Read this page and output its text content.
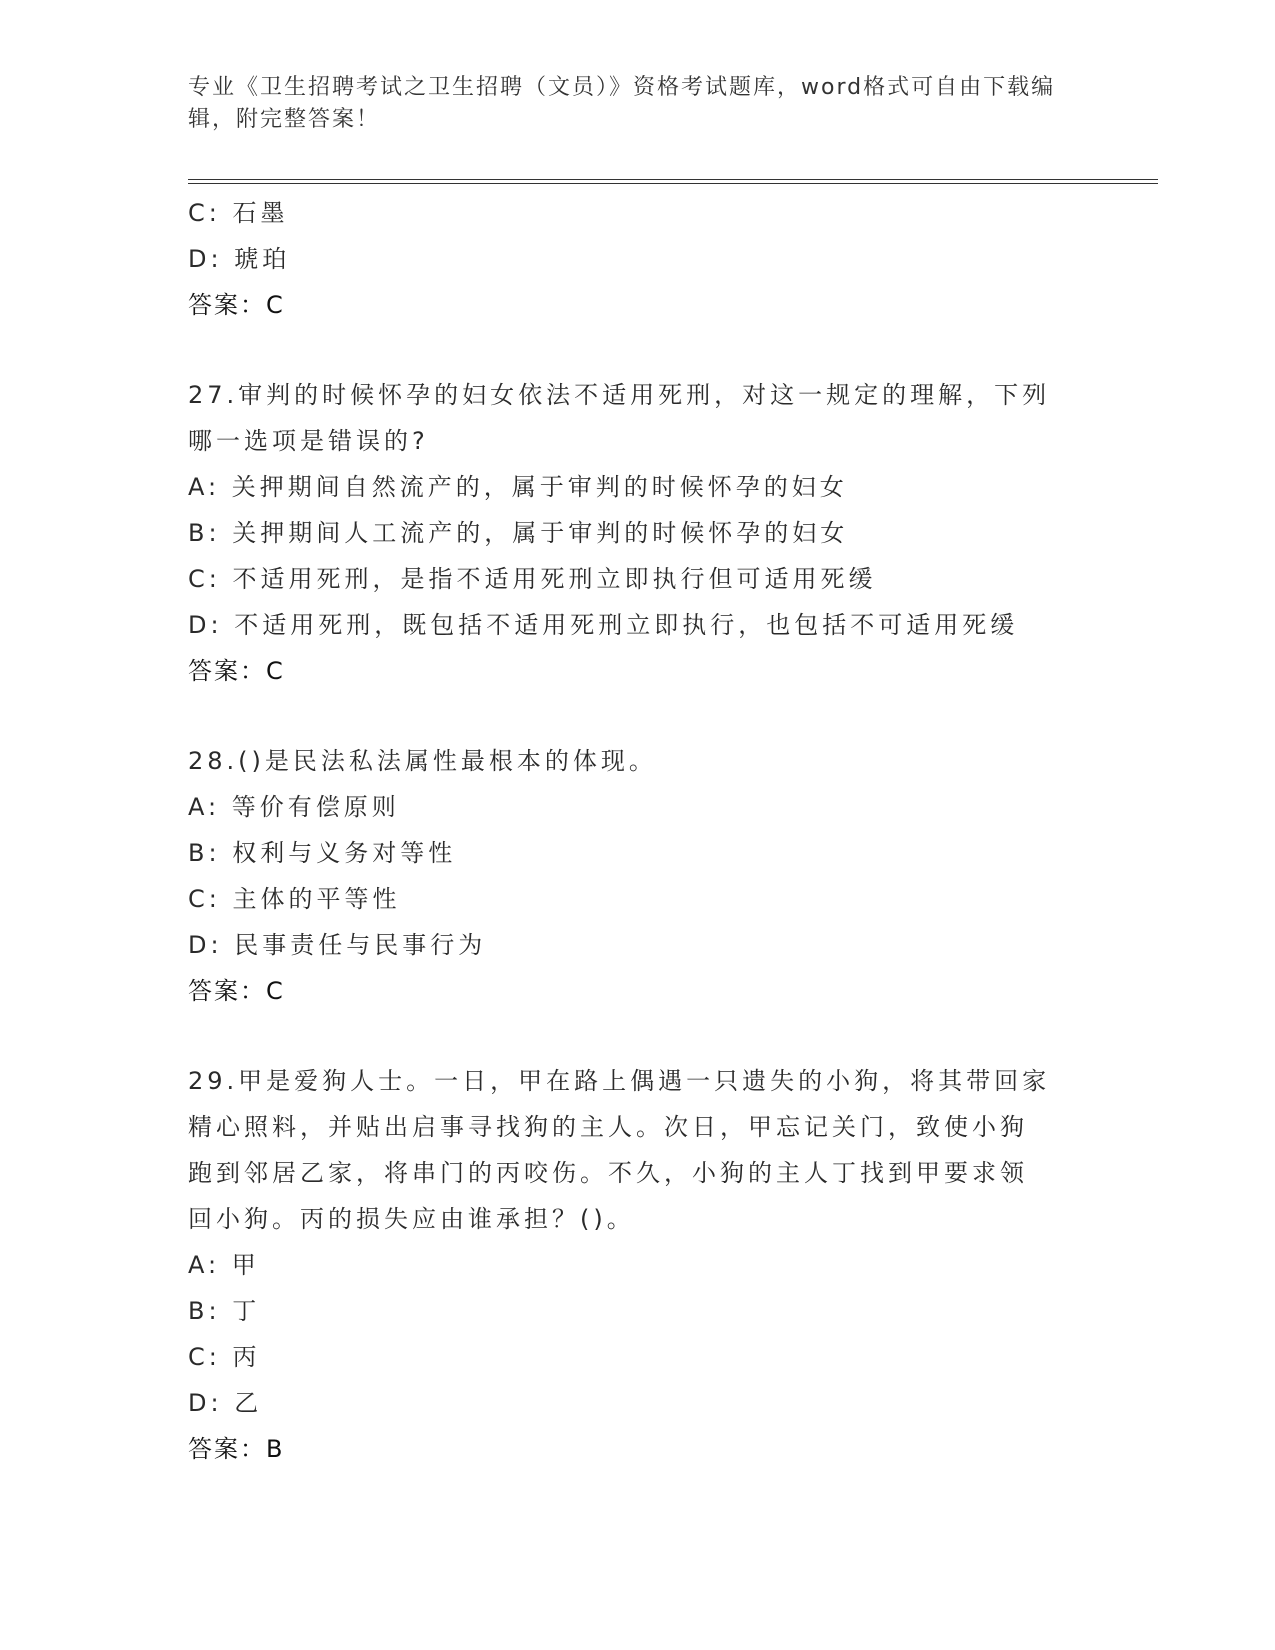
专业《卫生招聘考试之卫生招聘（文员）》资格考试题库，word格式可自由下载编辑，附完整答案！
C: 石墨
D: 琥珀
答案：C
27.审判的时候怀孕的妇女依法不适用死刑，对这一规定的理解，下列
哪一选项是错误的?
A: 关押期间自然流产的，属于审判的时候怀孕的妇女
B: 关押期间人工流产的，属于审判的时候怀孕的妇女
C: 不适用死刑，是指不适用死刑立即执行但可适用死缓
D: 不适用死刑，既包括不适用死刑立即执行，也包括不可适用死缓
答案：C
28.()是民法私法属性最根本的体现。
A: 等价有偿原则
B: 权利与义务对等性
C: 主体的平等性
D: 民事责任与民事行为
答案：C
29.甲是爱狗人士。一日，甲在路上偶遇一只遗失的小狗，将其带回家
精心照料，并贴出启事寻找狗的主人。次日，甲忘记关门，致使小狗
跑到邻居乙家，将串门的丙咬伤。不久，小狗的主人丁找到甲要求领
回小狗。丙的损失应由谁承担？()。
A: 甲
B: 丁
C: 丙
D: 乙
答案：B
